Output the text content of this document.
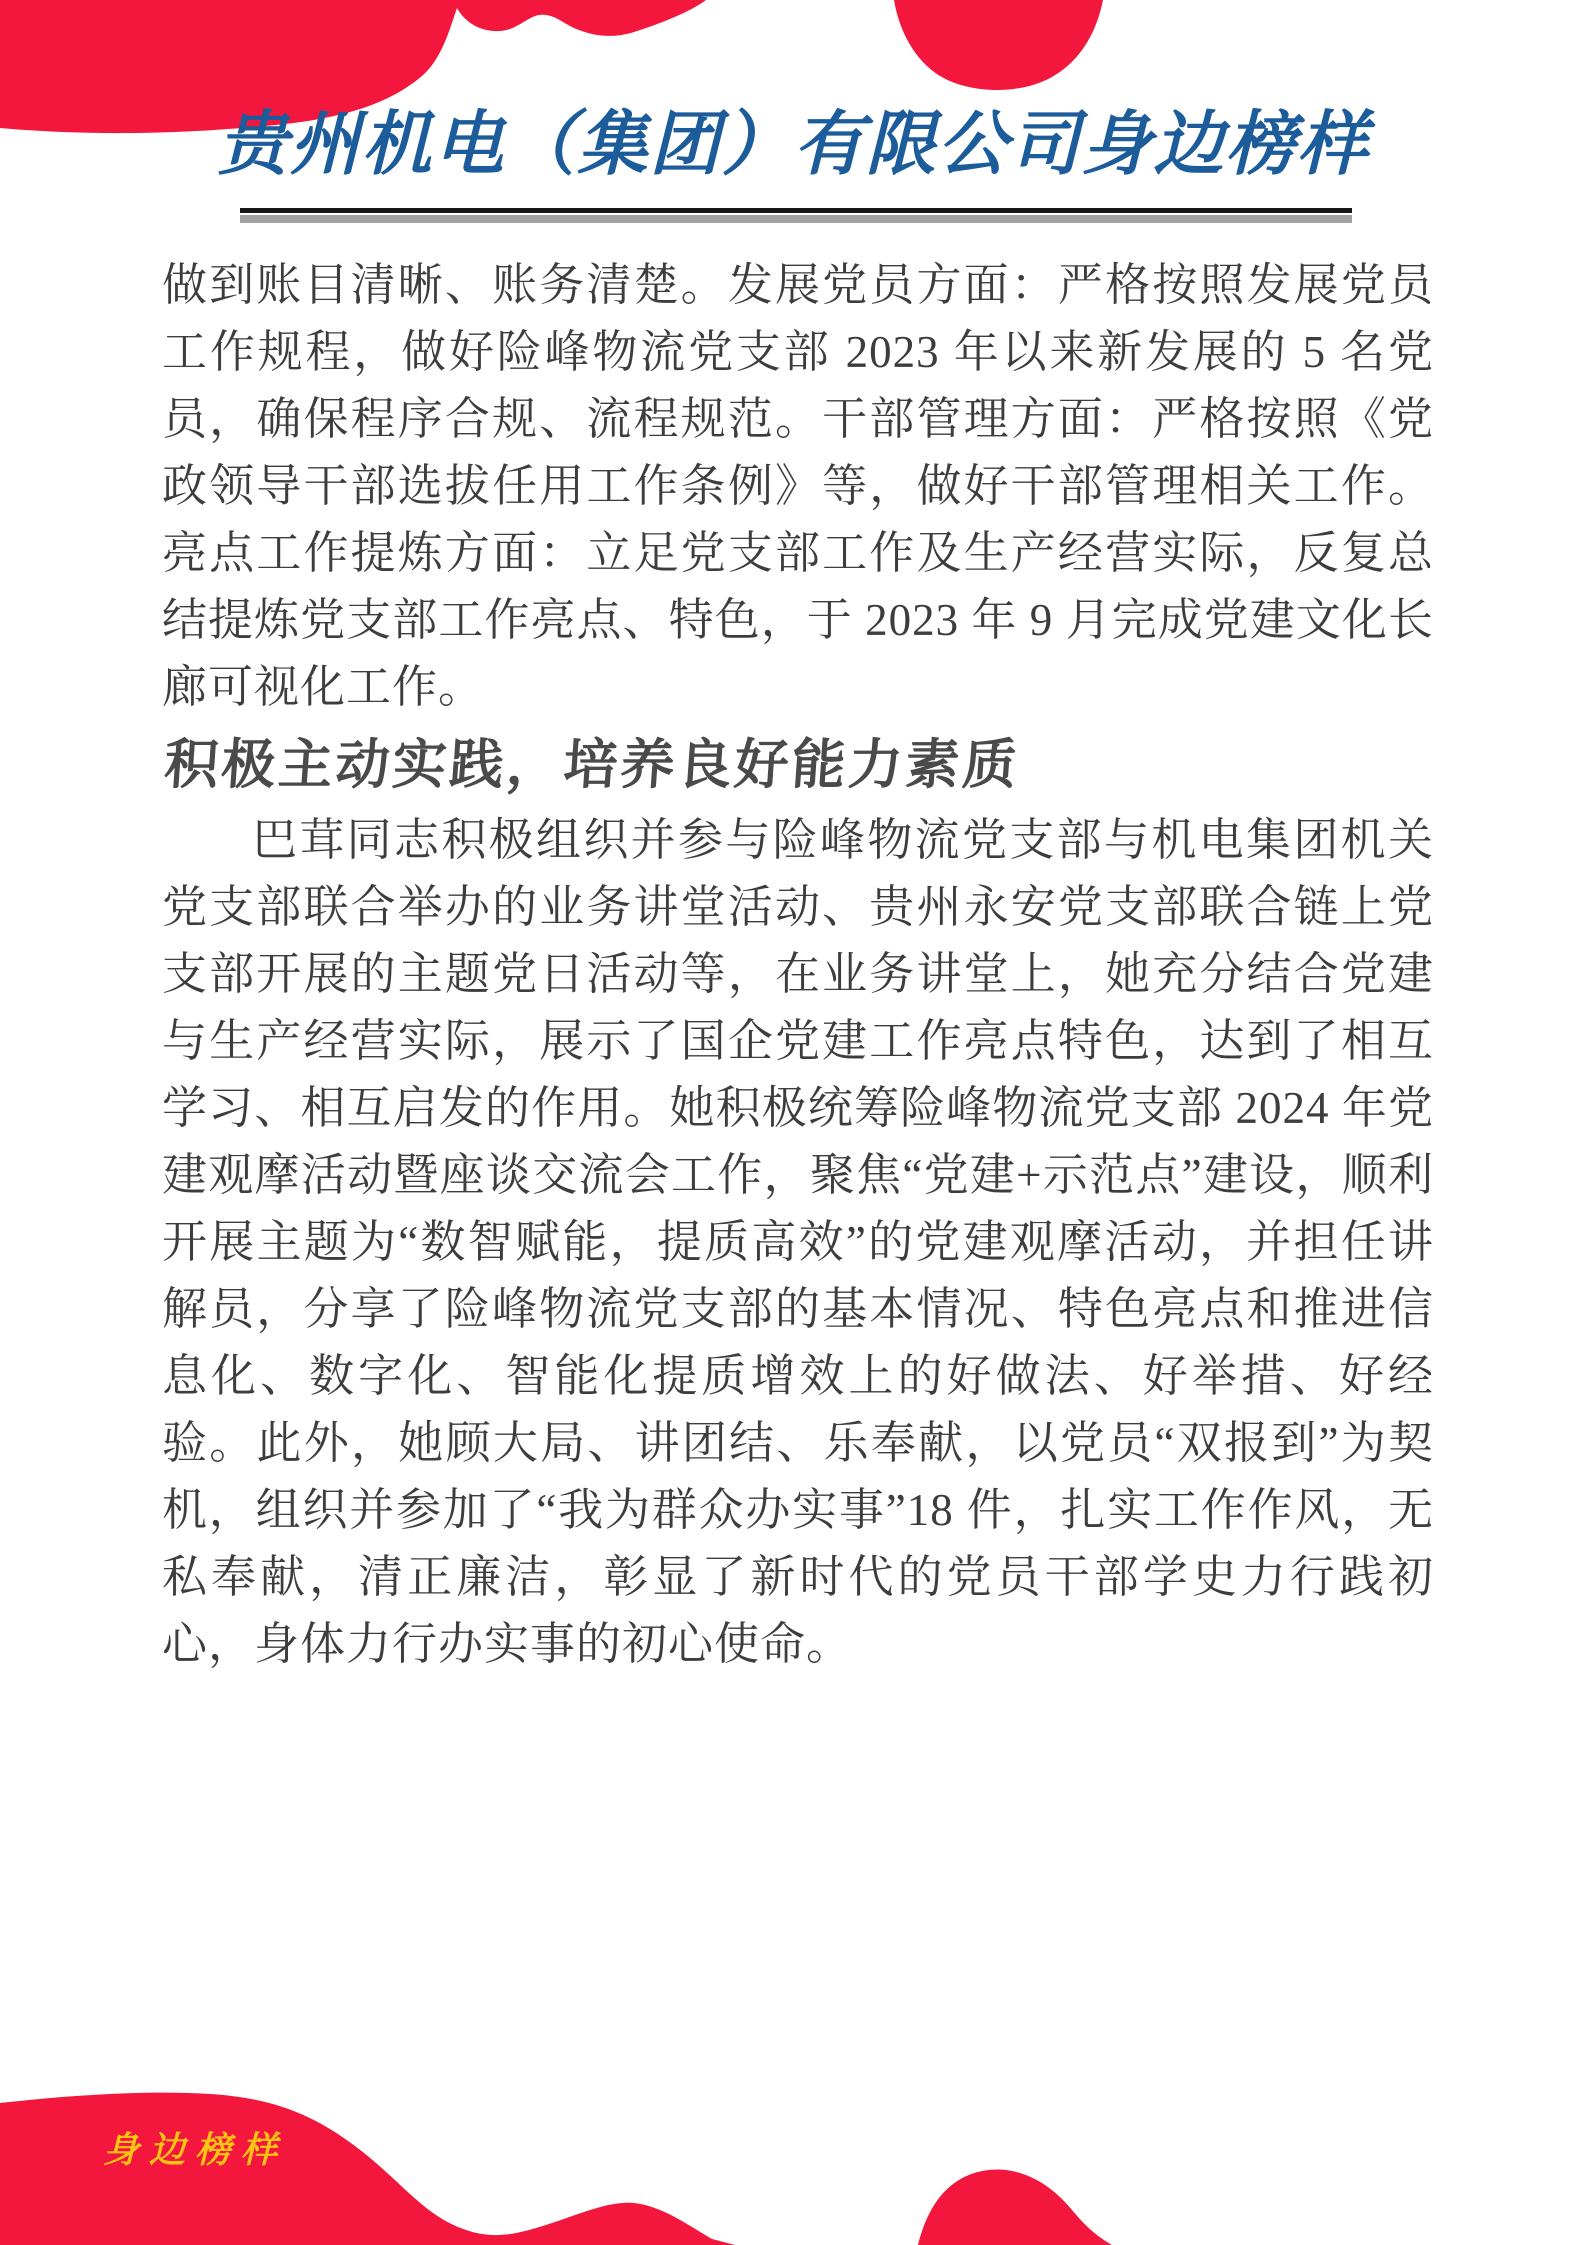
贵州机电（集团）有限公司身边榜样

做到账目清晰、账务清楚。发展党员方面：严格按照发展党员工作规程，做好险峰物流党支部 2023 年以来新发展的 5 名党员，确保程序合规、流程规范。干部管理方面：严格按照《党政领导干部选拔任用工作条例》等，做好干部管理相关工作。亮点工作提炼方面：立足党支部工作及生产经营实际，反复总结提炼党支部工作亮点、特色，于 2023 年 9 月完成党建文化长廊可视化工作。

积极主动实践，培养良好能力素质

巴茸同志积极组织并参与险峰物流党支部与机电集团机关党支部联合举办的业务讲堂活动、贵州永安党支部联合链上党支部开展的主题党日活动等，在业务讲堂上，她充分结合党建与生产经营实际，展示了国企党建工作亮点特色，达到了相互学习、相互启发的作用。她积极统筹险峰物流党支部 2024 年党建观摩活动暨座谈交流会工作，聚焦“党建+示范点”建设，顺利开展主题为“数智赋能，提质高效”的党建观摩活动，并担任讲解员，分享了险峰物流党支部的基本情况、特色亮点和推进信息化、数字化、智能化提质增效上的好做法、好举措、好经验。此外，她顾大局、讲团结、乐奉献，以党员“双报到”为契机，组织并参加了“我为群众办实事”18 件，扎实工作作风，无私奉献，清正廉洁，彰显了新时代的党员干部学史力行践初心，身体力行办实事的初心使命。

身边榜样
